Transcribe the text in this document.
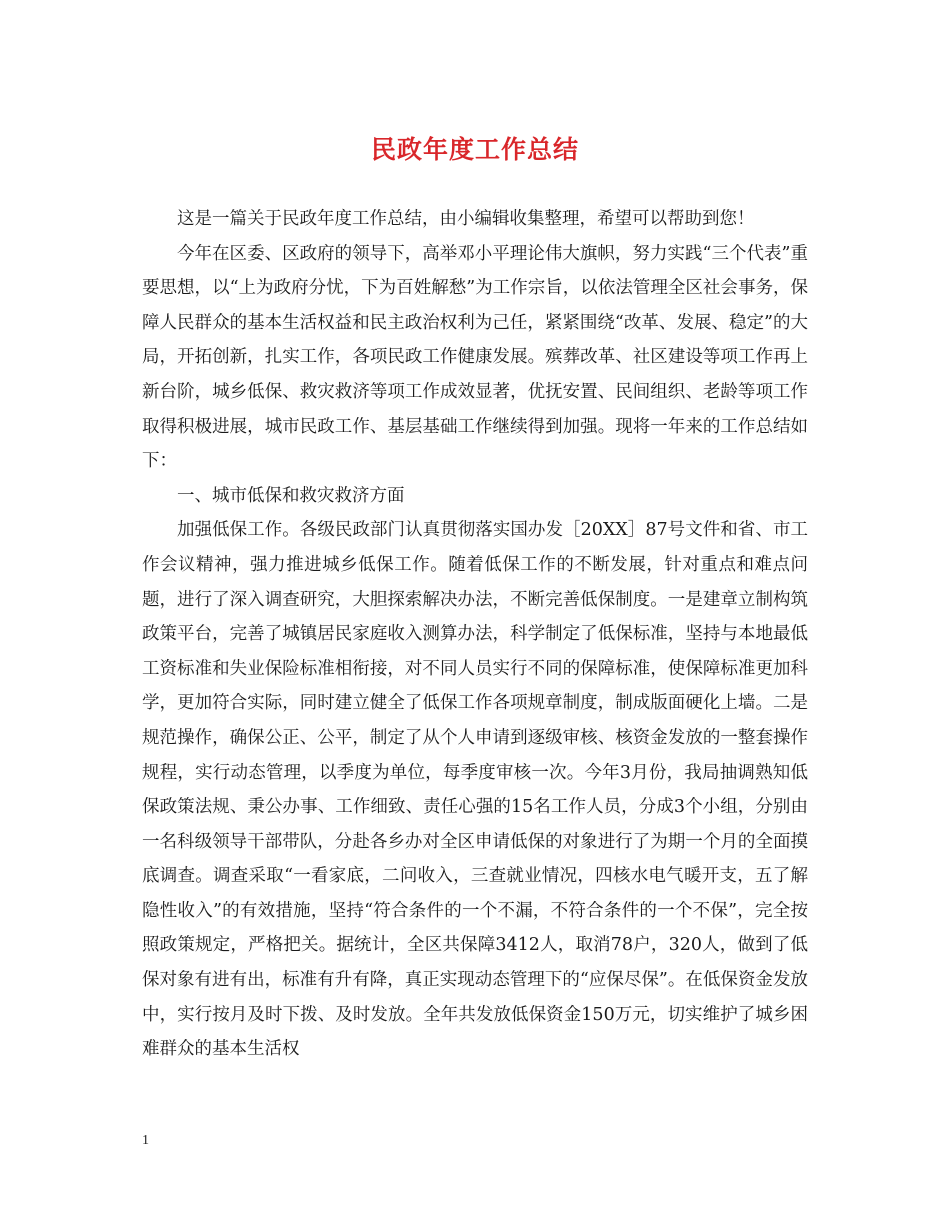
民政年度工作总结

这是一篇关于民政年度工作总结，由小编辑收集整理，希望可以帮助到您！

今年在区委、区政府的领导下，高举邓小平理论伟大旗帜，努力实践“三个代表”重要思想，以“上为政府分忧，下为百姓解愁”为工作宗旨，以依法管理全区社会事务，保障人民群众的基本生活权益和民主政治权利为己任，紧紧围绕“改革、发展、稳定”的大局，开拓创新，扎实工作，各项民政工作健康发展。殡葬改革、社区建设等项工作再上新台阶，城乡低保、救灾救济等项工作成效显著，优抚安置、民间组织、老龄等项工作取得积极进展，城市民政工作、基层基础工作继续得到加强。现将一年来的工作总结如下：

一、城市低保和救灾救济方面

加强低保工作。各级民政部门认真贯彻落实国办发［20XX］87号文件和省、市工作会议精神，强力推进城乡低保工作。随着低保工作的不断发展，针对重点和难点问题，进行了深入调查研究，大胆探索解决办法，不断完善低保制度。一是建章立制构筑政策平台，完善了城镇居民家庭收入测算办法，科学制定了低保标准，坚持与本地最低工资标准和失业保险标准相衔接，对不同人员实行不同的保障标准，使保障标准更加科学，更加符合实际，同时建立健全了低保工作各项规章制度，制成版面硬化上墙。二是规范操作，确保公正、公平，制定了从个人申请到逐级审核、核资金发放的一整套操作规程，实行动态管理，以季度为单位，每季度审核一次。今年3月份，我局抽调熟知低保政策法规、秉公办事、工作细致、责任心强的15名工作人员，分成3个小组，分别由一名科级领导干部带队，分赴各乡办对全区申请低保的对象进行了为期一个月的全面摸底调查。调查采取“一看家底，二问收入，三查就业情况，四核水电气暖开支，五了解隐性收入”的有效措施，坚持“符合条件的一个不漏，不符合条件的一个不保”，完全按照政策规定，严格把关。据统计，全区共保障3412人，取消78户，320人，做到了低保对象有进有出，标准有升有降，真正实现动态管理下的“应保尽保”。在低保资金发放中，实行按月及时下拨、及时发放。全年共发放低保资金150万元，切实维护了城乡困难群众的基本生活权

1
